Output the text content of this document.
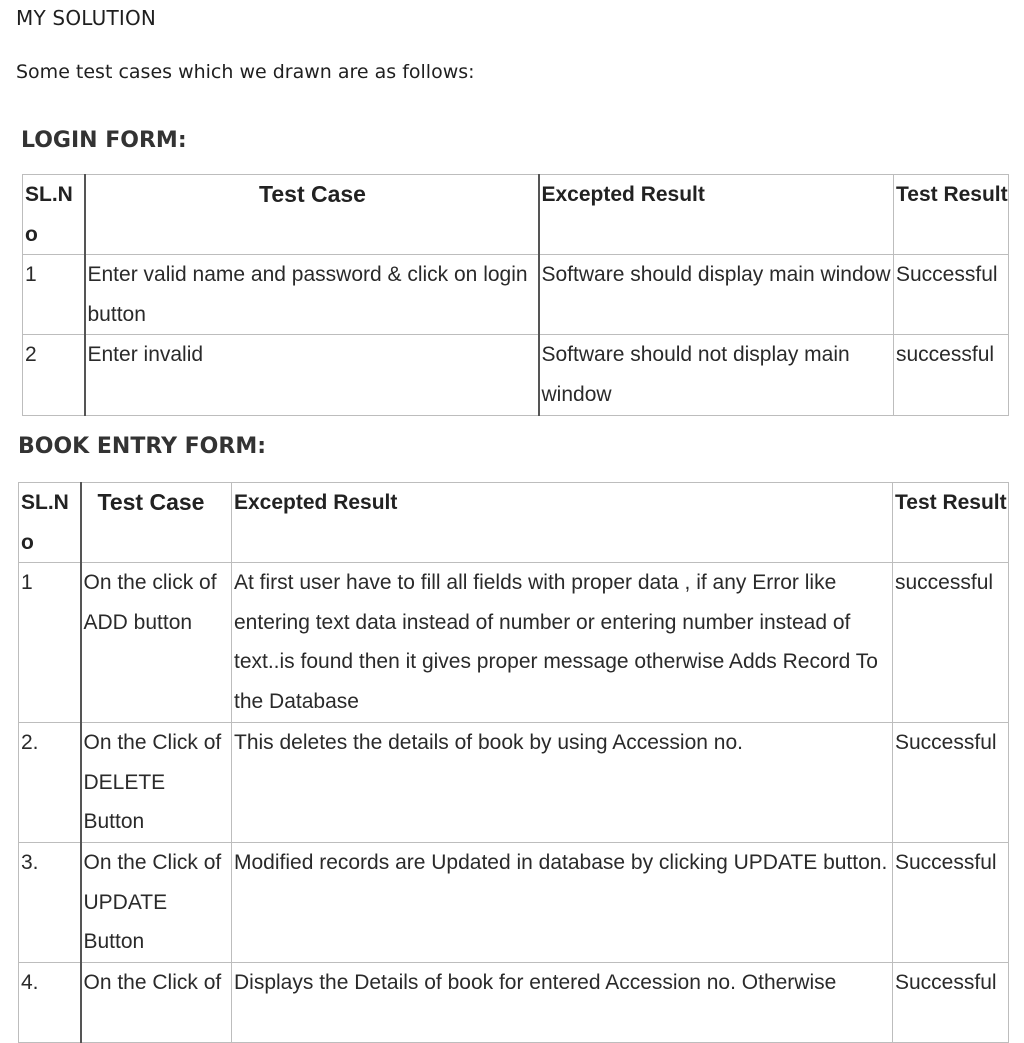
MY SOLUTION
Some test cases which we drawn are as follows:
LOGIN FORM:
SL.No	Test Case	Excepted Result	Test Result
1	Enter valid name and password & click on login button	Software should display main window	Successful
2	Enter invalid	Software should not display main window	successful
BOOK ENTRY FORM:
SL.No	Test Case	Excepted Result	Test Result
1	On the click of ADD button	At first user have to fill all fields with proper data , if any Error like entering text data instead of number or entering number instead of text..is found then it gives proper message otherwise Adds Record To the Database	successful
2.	On the Click of DELETE Button	This deletes the details of book by using Accession no.	Successful
3.	On the Click of UPDATE Button	Modified records are Updated in database by clicking UPDATE button.	Successful
4.	On the Click of	Displays the Details of book for entered Accession no. Otherwise	Successful
